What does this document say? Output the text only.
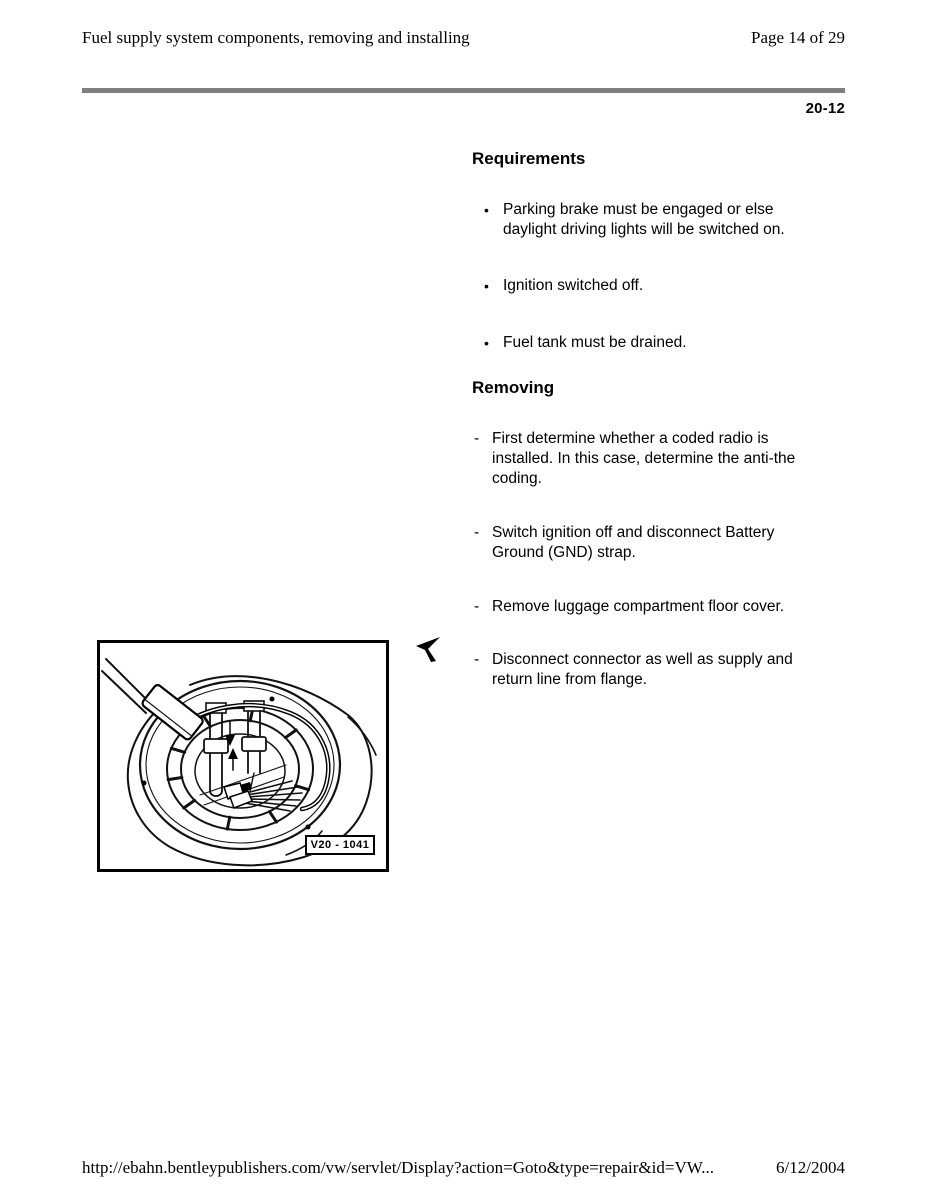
Fuel supply system components, removing and installing	Page 14 of 29
20-12
Requirements
• Parking brake must be engaged or else
daylight driving lights will be switched on.
• Ignition switched off.
• Fuel tank must be drained.
Removing
- First determine whether a coded radio is
installed. In this case, determine the anti-the
coding.
- Switch ignition off and disconnect Battery
Ground (GND) strap.
- Remove luggage compartment floor cover.
- Disconnect connector as well as supply and
return line from flange.
V20 - 1041
http://ebahn.bentleypublishers.com/vw/servlet/Display?action=Goto&type=repair&id=VW...	6/12/2004
